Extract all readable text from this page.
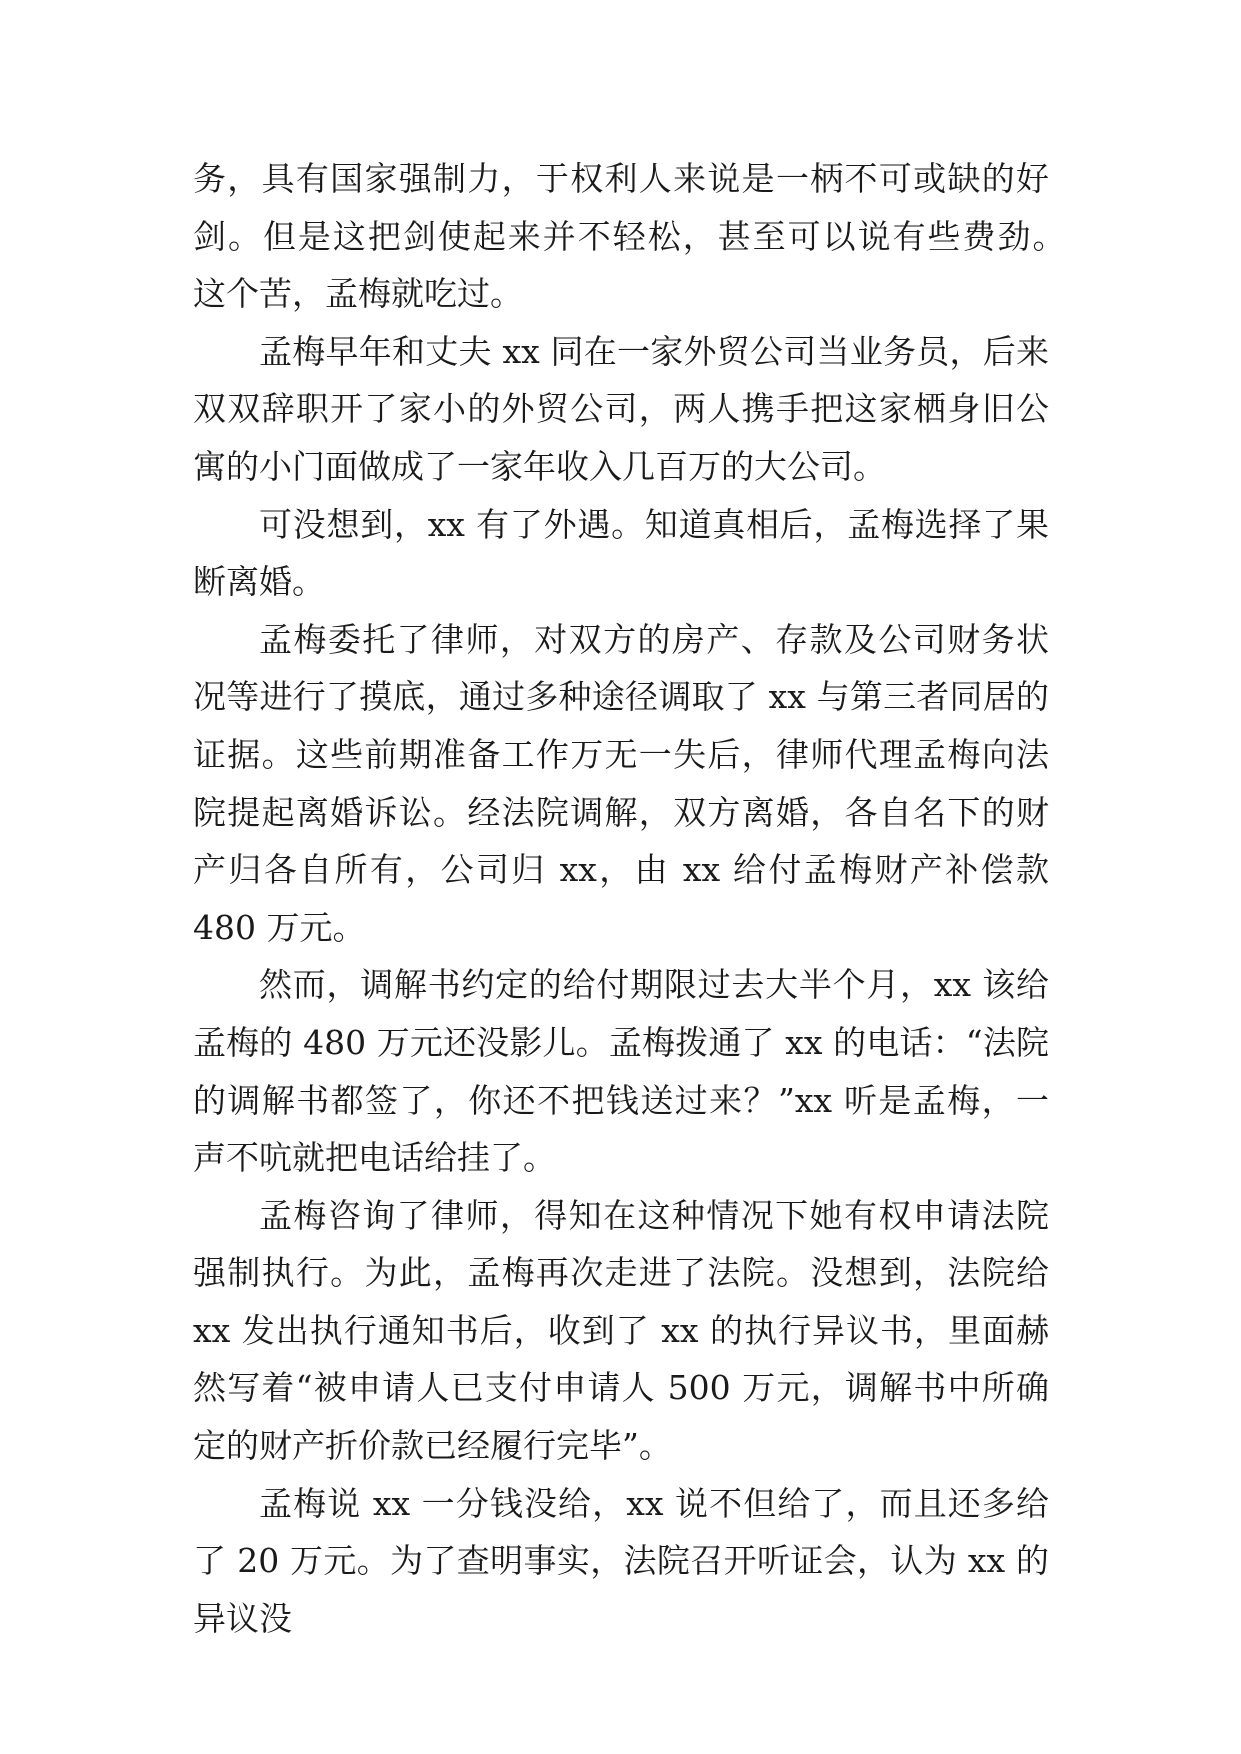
务，具有国家强制力，于权利人来说是一柄不可或缺的好剑。但是这把剑使起来并不轻松，甚至可以说有些费劲。　这个苦，孟梅就吃过。

孟梅早年和丈夫 xx 同在一家外贸公司当业务员，后来双双辞职开了家小的外贸公司，两人携手把这家栖身旧公寓的小门面做成了一家年收入几百万的大公司。

可没想到，xx 有了外遇。知道真相后，孟梅选择了果断离婚。

孟梅委托了律师，对双方的房产、存款及公司财务状况等进行了摸底，通过多种途径调取了 xx 与第三者同居的证据。这些前期准备工作万无一失后，律师代理孟梅向法院提起离婚诉讼。经法院调解，双方离婚，各自名下的财产归各自所有，公司归 xx，由 xx 给付孟梅财产补偿款 480 万元。

然而，调解书约定的给付期限过去大半个月，xx 该给孟梅的 480 万元还没影儿。孟梅拨通了 xx 的电话：“法院的调解书都签了，你还不把钱送过来？”xx 听是孟梅，一声不吭就把电话给挂了。

孟梅咨询了律师，得知在这种情况下她有权申请法院强制执行。为此，孟梅再次走进了法院。没想到，法院给 xx 发出执行通知书后，收到了 xx 的执行异议书，里面赫然写着“被申请人已支付申请人 500 万元，调解书中所确定的财产折价款已经履行完毕”。

孟梅说 xx 一分钱没给，xx 说不但给了，而且还多给了 20 万元。为了查明事实，法院召开听证会，认为 xx 的异议没
